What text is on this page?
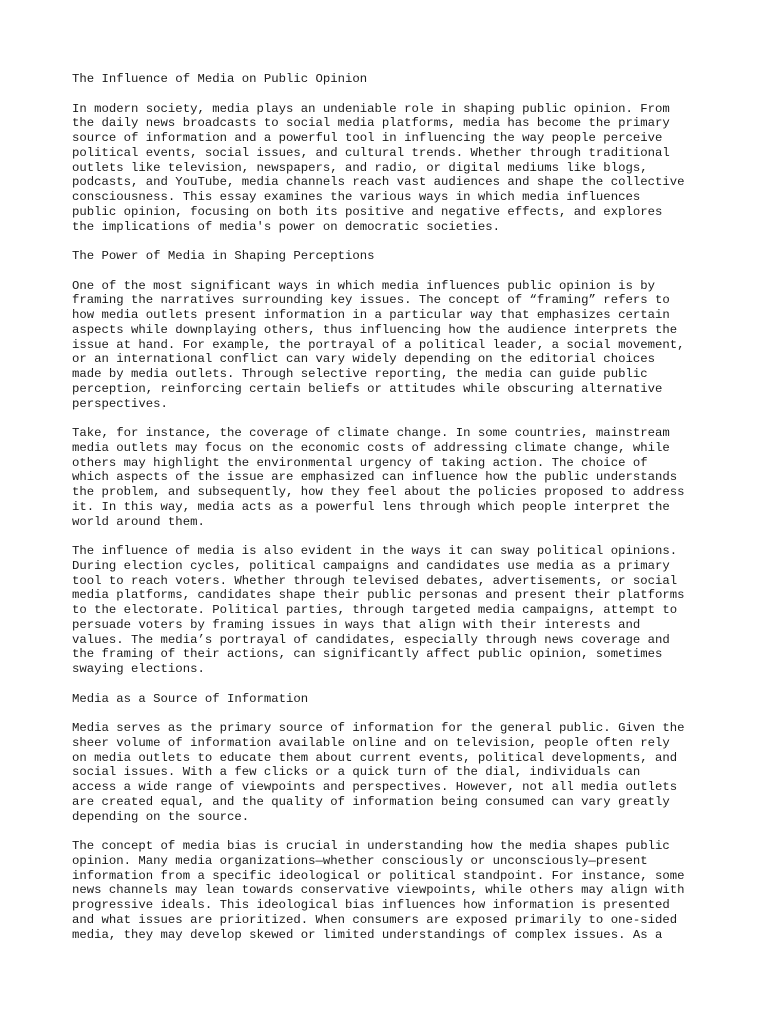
The Influence of Media on Public Opinion
In modern society, media plays an undeniable role in shaping public opinion. From
the daily news broadcasts to social media platforms, media has become the primary
source of information and a powerful tool in influencing the way people perceive
political events, social issues, and cultural trends. Whether through traditional
outlets like television, newspapers, and radio, or digital mediums like blogs,
podcasts, and YouTube, media channels reach vast audiences and shape the collective
consciousness. This essay examines the various ways in which media influences
public opinion, focusing on both its positive and negative effects, and explores
the implications of media's power on democratic societies.
The Power of Media in Shaping Perceptions
One of the most significant ways in which media influences public opinion is by
framing the narratives surrounding key issues. The concept of “framing” refers to
how media outlets present information in a particular way that emphasizes certain
aspects while downplaying others, thus influencing how the audience interprets the
issue at hand. For example, the portrayal of a political leader, a social movement,
or an international conflict can vary widely depending on the editorial choices
made by media outlets. Through selective reporting, the media can guide public
perception, reinforcing certain beliefs or attitudes while obscuring alternative
perspectives.
Take, for instance, the coverage of climate change. In some countries, mainstream
media outlets may focus on the economic costs of addressing climate change, while
others may highlight the environmental urgency of taking action. The choice of
which aspects of the issue are emphasized can influence how the public understands
the problem, and subsequently, how they feel about the policies proposed to address
it. In this way, media acts as a powerful lens through which people interpret the
world around them.
The influence of media is also evident in the ways it can sway political opinions.
During election cycles, political campaigns and candidates use media as a primary
tool to reach voters. Whether through televised debates, advertisements, or social
media platforms, candidates shape their public personas and present their platforms
to the electorate. Political parties, through targeted media campaigns, attempt to
persuade voters by framing issues in ways that align with their interests and
values. The media’s portrayal of candidates, especially through news coverage and
the framing of their actions, can significantly affect public opinion, sometimes
swaying elections.
Media as a Source of Information
Media serves as the primary source of information for the general public. Given the
sheer volume of information available online and on television, people often rely
on media outlets to educate them about current events, political developments, and
social issues. With a few clicks or a quick turn of the dial, individuals can
access a wide range of viewpoints and perspectives. However, not all media outlets
are created equal, and the quality of information being consumed can vary greatly
depending on the source.
The concept of media bias is crucial in understanding how the media shapes public
opinion. Many media organizations—whether consciously or unconsciously—present
information from a specific ideological or political standpoint. For instance, some
news channels may lean towards conservative viewpoints, while others may align with
progressive ideals. This ideological bias influences how information is presented
and what issues are prioritized. When consumers are exposed primarily to one-sided
media, they may develop skewed or limited understandings of complex issues. As a
